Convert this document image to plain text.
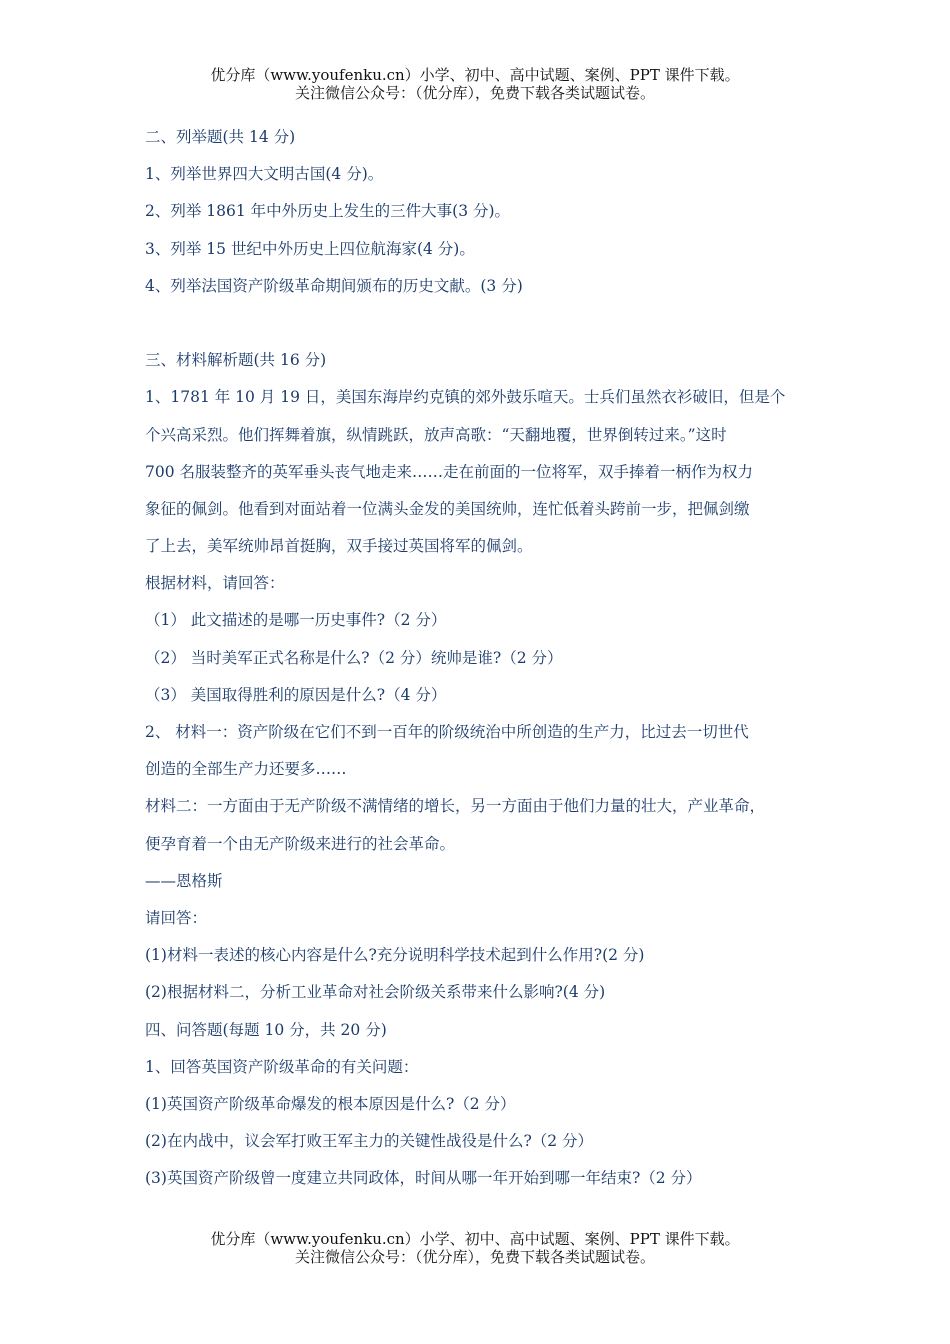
优分库（www.youfenku.cn）小学、初中、高中试题、案例、PPT 课件下载。
关注微信公众号：（优分库），免费下载各类试题试卷。
二、列举题(共 14 分)
1、列举世界四大文明古国(4 分)。
2、列举 1861 年中外历史上发生的三件大事(3 分)。
3、列举 15 世纪中外历史上四位航海家(4 分)。
4、列举法国资产阶级革命期间颁布的历史文献。(3 分)
三、材料解析题(共 16 分)
1、1781 年 10 月 19 日，美国东海岸约克镇的郊外鼓乐喧天。士兵们虽然衣衫破旧，但是个
个兴高采烈。他们挥舞着旗，纵情跳跃，放声高歌：“天翻地覆，世界倒转过来。”这时
700 名服装整齐的英军垂头丧气地走来……走在前面的一位将军，双手捧着一柄作为权力
象征的佩剑。他看到对面站着一位满头金发的美国统帅，连忙低着头跨前一步，把佩剑缴
了上去，美军统帅昂首挺胸，双手接过英国将军的佩剑。
根据材料，请回答：
（1） 此文描述的是哪一历史事件?（2 分）
（2） 当时美军正式名称是什么?（2 分）统帅是谁?（2 分）
（3） 美国取得胜利的原因是什么?（4 分）
2、 材料一：资产阶级在它们不到一百年的阶级统治中所创造的生产力，比过去一切世代
创造的全部生产力还要多……
材料二：一方面由于无产阶级不满情绪的增长，另一方面由于他们力量的壮大，产业革命，
便孕育着一个由无产阶级来进行的社会革命。
——恩格斯
请回答：
(1)材料一表述的核心内容是什么?充分说明科学技术起到什么作用?(2 分)
(2)根据材料二，分析工业革命对社会阶级关系带来什么影响?(4 分)
四、问答题(每题 10 分，共 20 分)
1、回答英国资产阶级革命的有关问题：
(1)英国资产阶级革命爆发的根本原因是什么?（2 分）
(2)在内战中，议会军打败王军主力的关键性战役是什么?（2 分）
(3)英国资产阶级曾一度建立共同政体，时间从哪一年开始到哪一年结束?（2 分）
优分库（www.youfenku.cn）小学、初中、高中试题、案例、PPT 课件下载。
关注微信公众号：（优分库），免费下载各类试题试卷。
